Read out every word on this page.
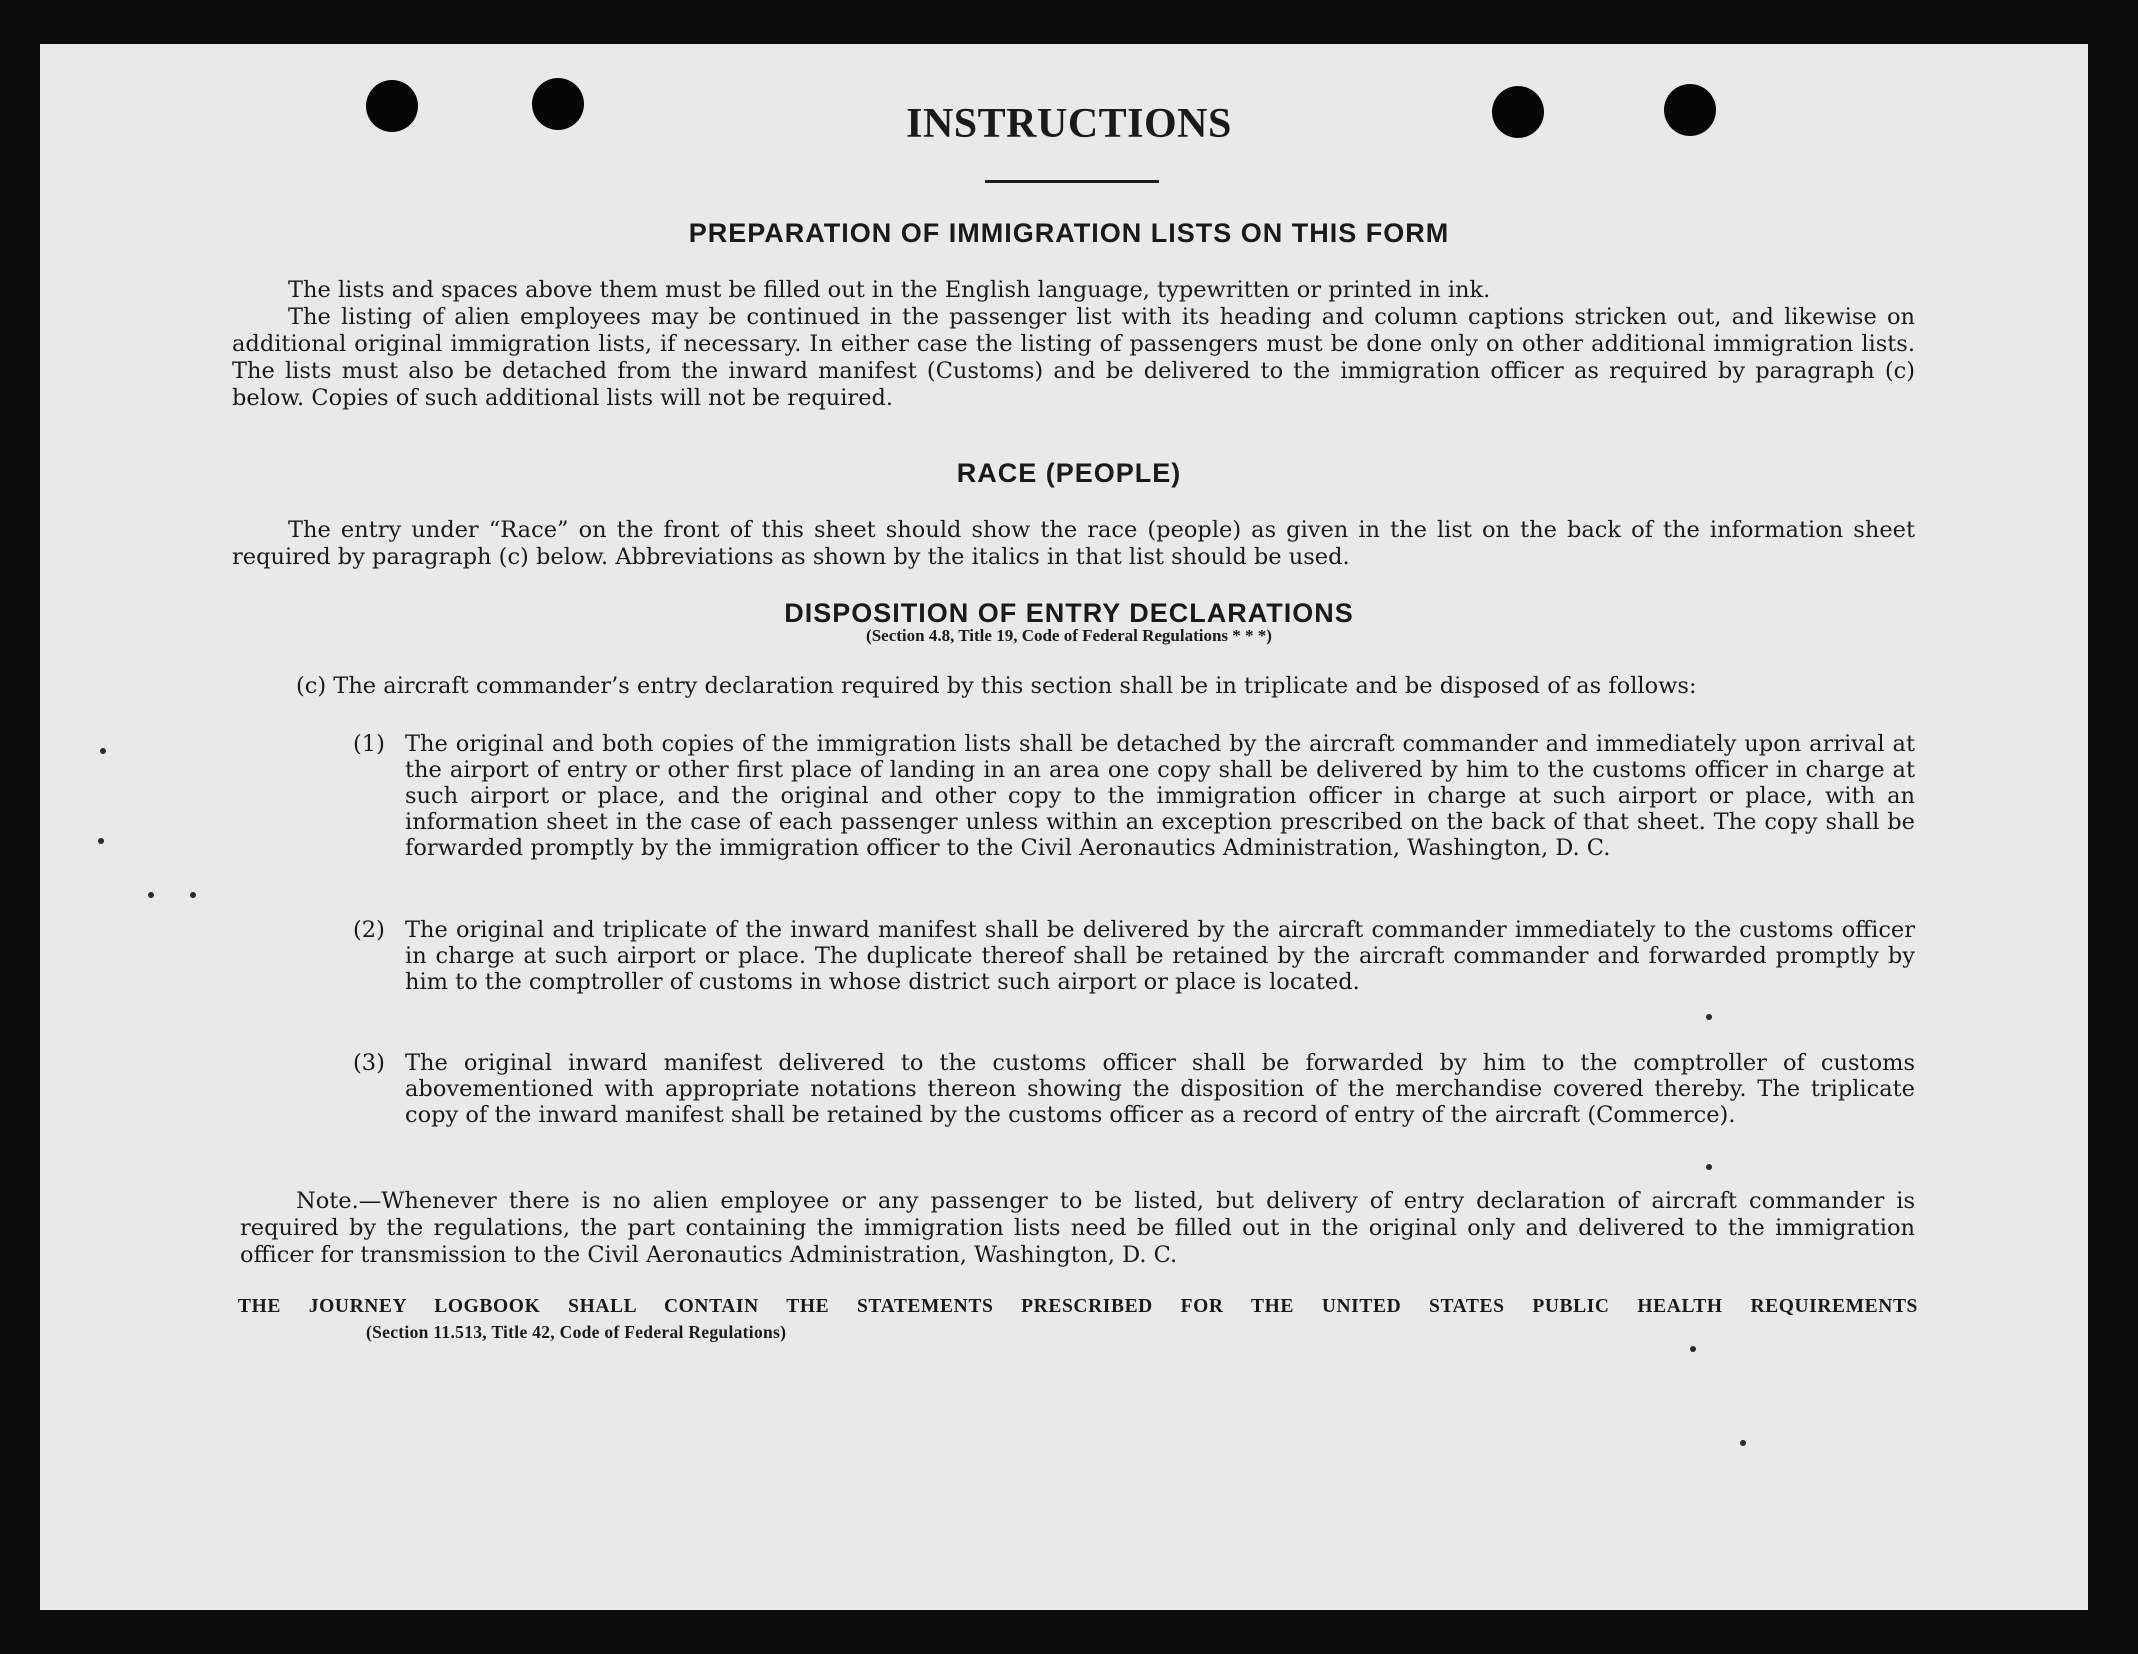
INSTRUCTIONS
PREPARATION OF IMMIGRATION LISTS ON THIS FORM

The lists and spaces above them must be filled out in the English language, typewritten or printed in ink.

The listing of alien employees may be continued in the passenger list with its heading and column captions stricken out, and likewise on additional original immigration lists, if necessary. In either case the listing of passengers must be done only on other additional immigration lists. The lists must also be detached from the inward manifest (Customs) and be delivered to the immigration officer as required by paragraph (c) below. Copies of such additional lists will not be required.

RACE (PEOPLE)

The entry under “Race” on the front of this sheet should show the race (people) as given in the list on the back of the information sheet required by paragraph (c) below. Abbreviations as shown by the italics in that list should be used.

DISPOSITION OF ENTRY DECLARATIONS
(Section 4.8, Title 19, Code of Federal Regulations * * *)

(c) The aircraft commander’s entry declaration required by this section shall be in triplicate and be disposed of as follows:

(1) The original and both copies of the immigration lists shall be detached by the aircraft commander and immediately upon arrival at the airport of entry or other first place of landing in an area one copy shall be delivered by him to the customs officer in charge at such airport or place, and the original and other copy to the immigration officer in charge at such airport or place, with an information sheet in the case of each passenger unless within an exception prescribed on the back of that sheet. The copy shall be forwarded promptly by the immigration officer to the Civil Aeronautics Administration, Washington, D. C.
(2) The original and triplicate of the inward manifest shall be delivered by the aircraft commander immediately to the customs officer in charge at such airport or place. The duplicate thereof shall be retained by the aircraft commander and forwarded promptly by him to the comptroller of customs in whose district such airport or place is located.
(3) The original inward manifest delivered to the customs officer shall be forwarded by him to the comptroller of customs abovementioned with appropriate notations thereon showing the disposition of the merchandise covered thereby. The triplicate copy of the inward manifest shall be retained by the customs officer as a record of entry of the aircraft (Commerce).

Note.—Whenever there is no alien employee or any passenger to be listed, but delivery of entry declaration of aircraft commander is required by the regulations, the part containing the immigration lists need be filled out in the original only and delivered to the immigration officer for transmission to the Civil Aeronautics Administration, Washington, D. C.

THE JOURNEY LOGBOOK SHALL CONTAIN THE STATEMENTS PRESCRIBED FOR THE UNITED STATES PUBLIC HEALTH REQUIREMENTS

(Section 11.513, Title 42, Code of Federal Regulations)
